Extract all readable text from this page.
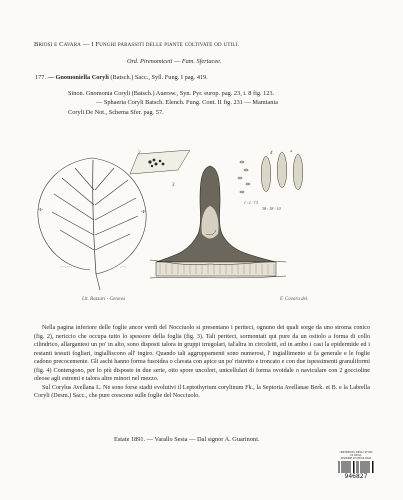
Briosi e Cavara — I Funghi parassiti delle piante coltivate od utili.
Ord. Pirenomiceti — Fam. Sferiacee.
177. — Gnomoniella Coryli (Batsch.) Sacc., Syll. Fung. I pag. 419.
Sinon. Gnomonia Coryli (Batsch.) Auersw., Syn. Pyr. europ. pag. 23, t. 8 fig. 123.
— Sphaeria Coryli Batsch. Elench. Fung. Cont. II fig. 231 — Mamiania
Coryli De Not., Schema Sfer. pag. 57.
2
3
4	5
1 : 2 : 7.5
38 : 38 : 10
Lit. Bazzari - Genova	F. Cavara del.

Nella pagina inferiore delle foglie ancor verdi del Nocciuolo si presentano i periteci, ognuno dei quali sorge da uno stroma conico (fig. 2), nericcio che occupa tutto lo spessore della foglia (fig. 3). Tali periteci, sormontati qui pure da un ostiolo a forma di collo cilindrico, allargantesi un po' in alto, sono disposti talora in gruppi irregolari, tal'altra in circoletti, ed in ambo i casi la epidermide ed i restanti tessuti fogliari, ingialliscono all' ingiro. Quando tali aggruppamenti sono numerosi, l' ingiallimento si fa generale e le foglie cadono precocemente. Gli aschi hanno forma fusoidea o clavata con apice un po' ristretto e troncato e con due ispessimenti granuliformi (fig. 4) Contengono, per lo più disposte in due serie, otto spore uncolori, unicellulari di forma ovoidale o naviculare con 2 goccioline oleose agli estremi e talora altre minori nel mezzo.

Sul Corylus Avellana L. Ne sono forse stadii evolutivi il Leptothyrium corylinum Fk., la Septoria Avellanae Berk. et B. e la Labrella Coryli (Desm.) Sacc., che pure crescono sulle foglie del Nocciuolo.

Estate 1891. — Varallo Sesia — Dal signor A. Guarinoni.
UNIVERSITÀ DEGLI STUDI DI PAVIA
SEZIONE DI MICOLOGIA
946827
